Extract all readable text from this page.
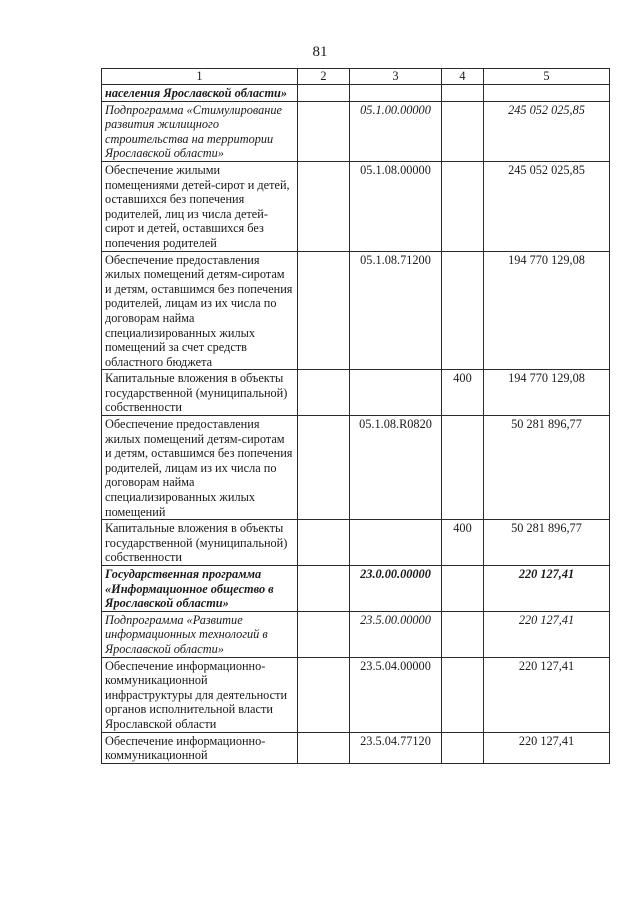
81
1	2	3	4	5
населения Ярославской области»				
Подпрограмма «Стимулирование развития жилищного строительства на территории Ярославской области»		05.1.00.00000		245 052 025,85
Обеспечение жилыми помещениями детей-сирот и детей, оставшихся без попечения родителей, лиц из числа детей-сирот и детей, оставшихся без попечения родителей		05.1.08.00000		245 052 025,85
Обеспечение предоставления жилых помещений детям-сиротам и детям, оставшимся без попечения родителей, лицам из их числа по договорам найма специализированных жилых помещений за счет средств областного бюджета		05.1.08.71200		194 770 129,08
Капитальные вложения в объекты государственной (муниципальной) собственности			400	194 770 129,08
Обеспечение предоставления жилых помещений детям-сиротам и детям, оставшимся без попечения родителей, лицам из их числа по договорам найма специализированных жилых помещений		05.1.08.R0820		50 281 896,77
Капитальные вложения в объекты государственной (муниципальной) собственности			400	50 281 896,77
Государственная программа «Информационное общество в Ярославской области»		23.0.00.00000		220 127,41
Подпрограмма «Развитие информационных технологий в Ярославской области»		23.5.00.00000		220 127,41
Обеспечение информационно-коммуникационной инфраструктуры для деятельности органов исполнительной власти Ярославской области		23.5.04.00000		220 127,41
Обеспечение информационно-коммуникационной		23.5.04.77120		220 127,41
